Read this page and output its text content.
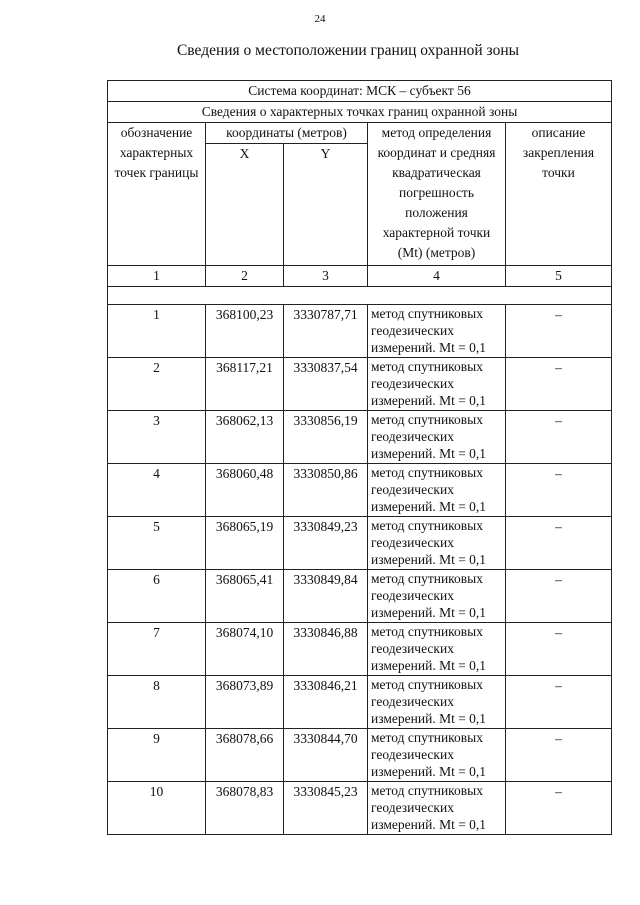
24
Сведения о местоположении границ охранной зоны
Система координат: МСК – субъект 56				
Сведения о характерных точках границ охранной зоны				
обозначение характерных точек границы	координаты (метров)		метод определения координат и средняя квадратическая погрешность положения характерной точки (Mt) (метров)	описание закрепления точки
	X	Y		
1	2	3	4	5

1	368100,23	3330787,71	метод спутниковых геодезических измерений. Mt = 0,1	–
2	368117,21	3330837,54	метод спутниковых геодезических измерений. Mt = 0,1	–
3	368062,13	3330856,19	метод спутниковых геодезических измерений. Mt = 0,1	–
4	368060,48	3330850,86	метод спутниковых геодезических измерений. Mt = 0,1	–
5	368065,19	3330849,23	метод спутниковых геодезических измерений. Mt = 0,1	–
6	368065,41	3330849,84	метод спутниковых геодезических измерений. Mt = 0,1	–
7	368074,10	3330846,88	метод спутниковых геодезических измерений. Mt = 0,1	–
8	368073,89	3330846,21	метод спутниковых геодезических измерений. Mt = 0,1	–
9	368078,66	3330844,70	метод спутниковых геодезических измерений. Mt = 0,1	–
10	368078,83	3330845,23	метод спутниковых геодезических измерений. Mt = 0,1	–
